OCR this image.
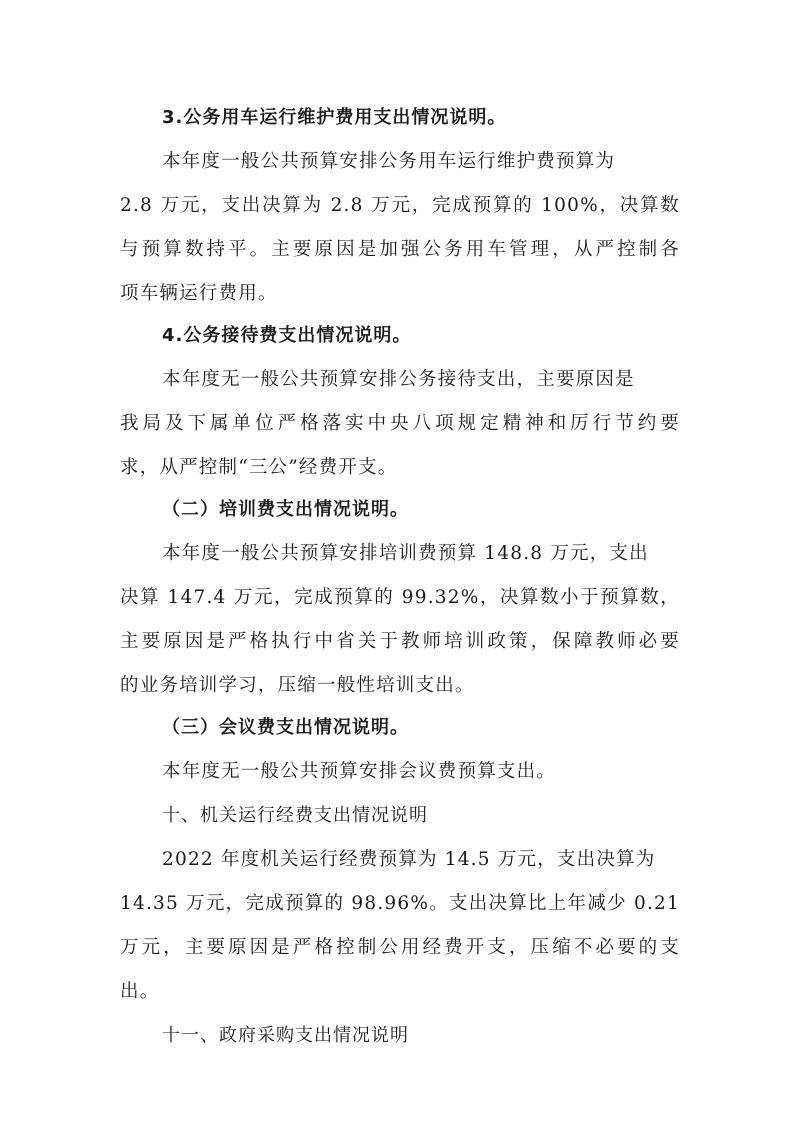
3.公务用车运行维护费用支出情况说明。
本年度一般公共预算安排公务用车运行维护费预算为
2.8 万元，支出决算为 2.8 万元，完成预算的 100%，决算数
与预算数持平。主要原因是加强公务用车管理，从严控制各
项车辆运行费用。
4.公务接待费支出情况说明。
本年度无一般公共预算安排公务接待支出，主要原因是
我局及下属单位严格落实中央八项规定精神和厉行节约要
求，从严控制“三公”经费开支。
（二）培训费支出情况说明。
本年度一般公共预算安排培训费预算 148.8 万元，支出
决算 147.4 万元，完成预算的 99.32%，决算数小于预算数，
主要原因是严格执行中省关于教师培训政策，保障教师必要
的业务培训学习，压缩一般性培训支出。
（三）会议费支出情况说明。
本年度无一般公共预算安排会议费预算支出。
十、机关运行经费支出情况说明
2022 年度机关运行经费预算为 14.5 万元，支出决算为
14.35 万元，完成预算的 98.96%。支出决算比上年减少 0.21
万元，主要原因是严格控制公用经费开支，压缩不必要的支
出。
十一、政府采购支出情况说明
